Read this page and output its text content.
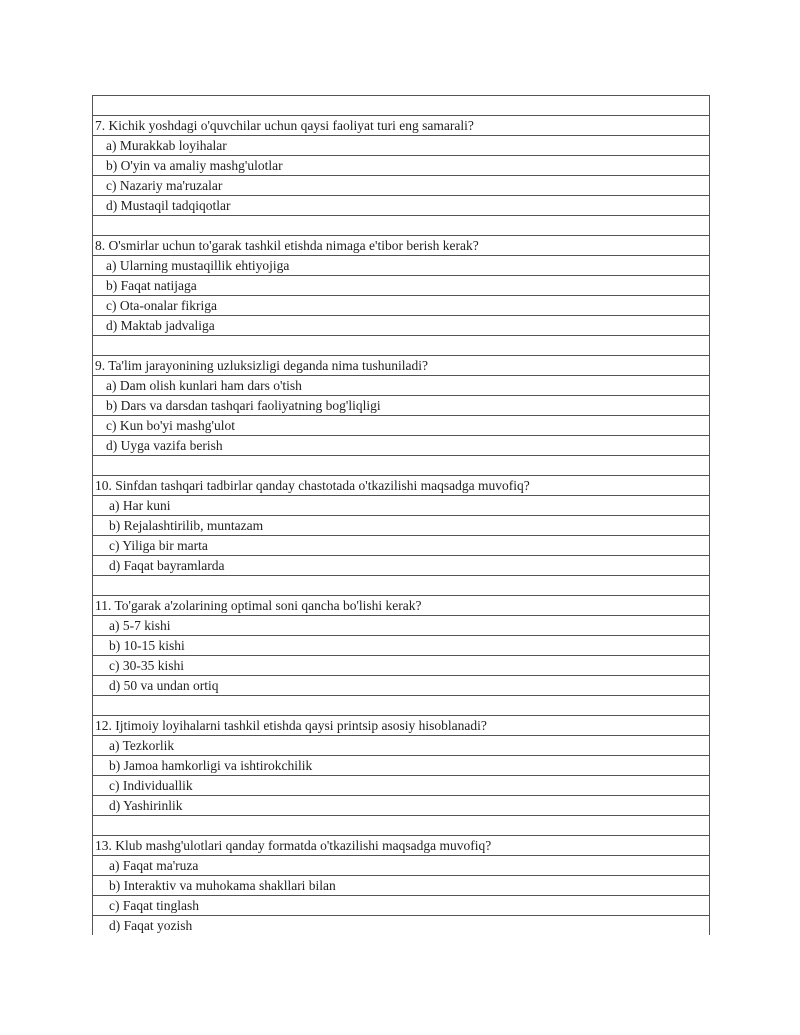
7. Kichik yoshdagi o'quvchilar uchun qaysi faoliyat turi eng samarali?
a) Murakkab loyihalar
b) O'yin va amaliy mashg'ulotlar
c) Nazariy ma'ruzalar
d) Mustaqil tadqiqotlar
8. O'smirlar uchun to'garak tashkil etishda nimaga e'tibor berish kerak?
a) Ularning mustaqillik ehtiyojiga
b) Faqat natijaga
c) Ota-onalar fikriga
d) Maktab jadvaliga
9. Ta'lim jarayonining uzluksizligi deganda nima tushuniladi?
a) Dam olish kunlari ham dars o'tish
b) Dars va darsdan tashqari faoliyatning bog'liqligi
c) Kun bo'yi mashg'ulot
d) Uyga vazifa berish
10. Sinfdan tashqari tadbirlar qanday chastotada o'tkazilishi maqsadga muvofiq?
a) Har kuni
b) Rejalashtirilib, muntazam
c) Yiliga bir marta
d) Faqat bayramlarda
11. To'garak a'zolarining optimal soni qancha bo'lishi kerak?
a) 5-7 kishi
b) 10-15 kishi
c) 30-35 kishi
d) 50 va undan ortiq
12. Ijtimoiy loyihalarni tashkil etishda qaysi printsip asosiy hisoblanadi?
a) Tezkorlik
b) Jamoa hamkorligi va ishtirokchilik
c) Individuallik
d) Yashirinlik
13. Klub mashg'ulotlari qanday formatda o'tkazilishi maqsadga muvofiq?
a) Faqat ma'ruza
b) Interaktiv va muhokama shakllari bilan
c) Faqat tinglash
d) Faqat yozish
